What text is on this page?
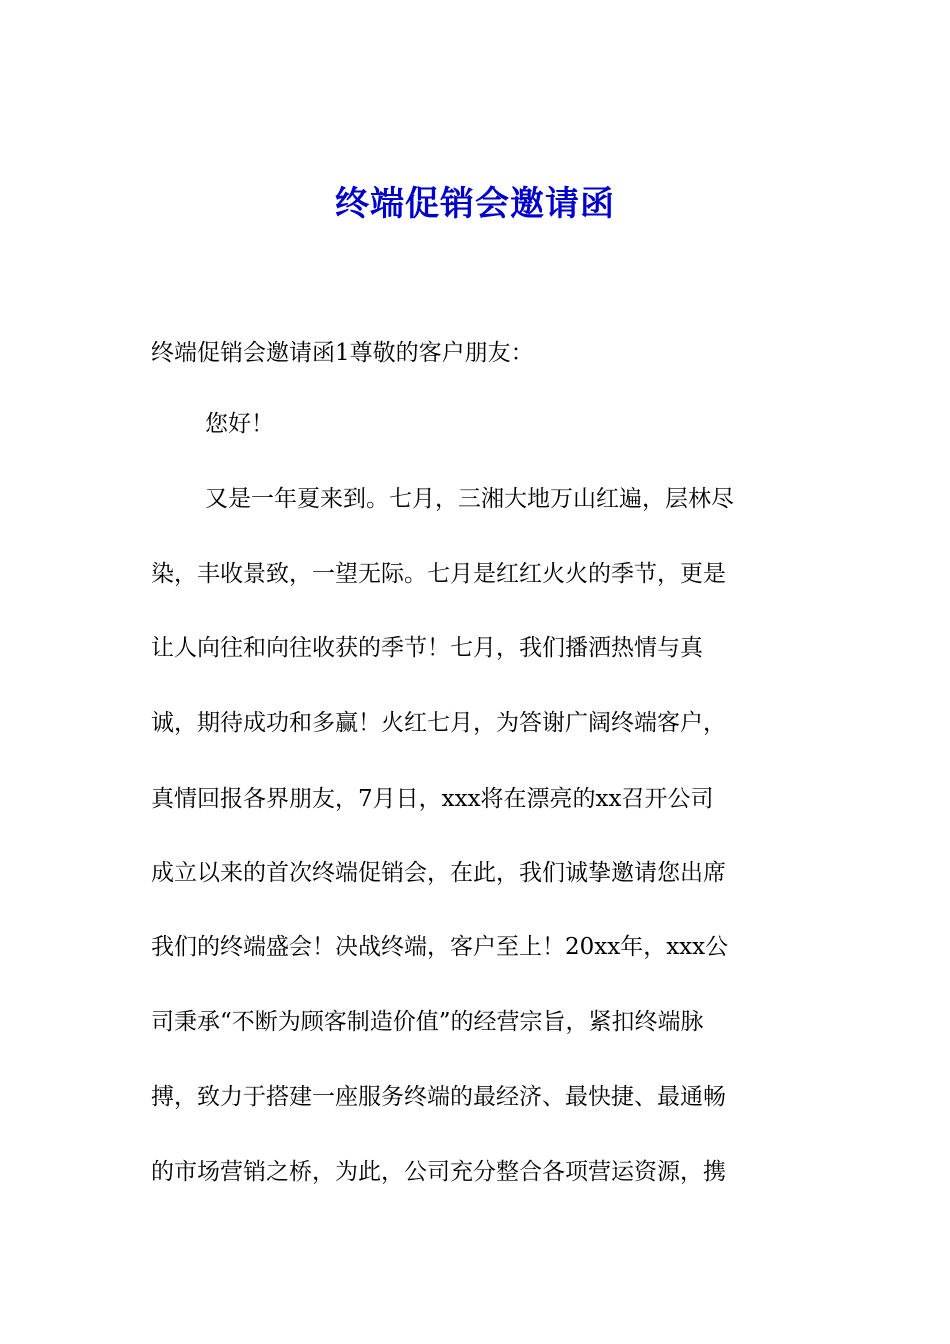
终端促销会邀请函

终端促销会邀请函1尊敬的客户朋友：

您好！

又是一年夏来到。七月，三湘大地万山红遍，层林尽

染，丰收景致，一望无际。七月是红红火火的季节，更是

让人向往和向往收获的季节！七月，我们播洒热情与真

诚，期待成功和多赢！火红七月，为答谢广阔终端客户，

真情回报各界朋友，7月日，xxx将在漂亮的xx召开公司

成立以来的首次终端促销会，在此，我们诚挚邀请您出席

我们的终端盛会！决战终端，客户至上！20xx年，xxx公

司秉承“不断为顾客制造价值”的经营宗旨，紧扣终端脉

搏，致力于搭建一座服务终端的最经济、最快捷、最通畅

的市场营销之桥，为此，公司充分整合各项营运资源，携
